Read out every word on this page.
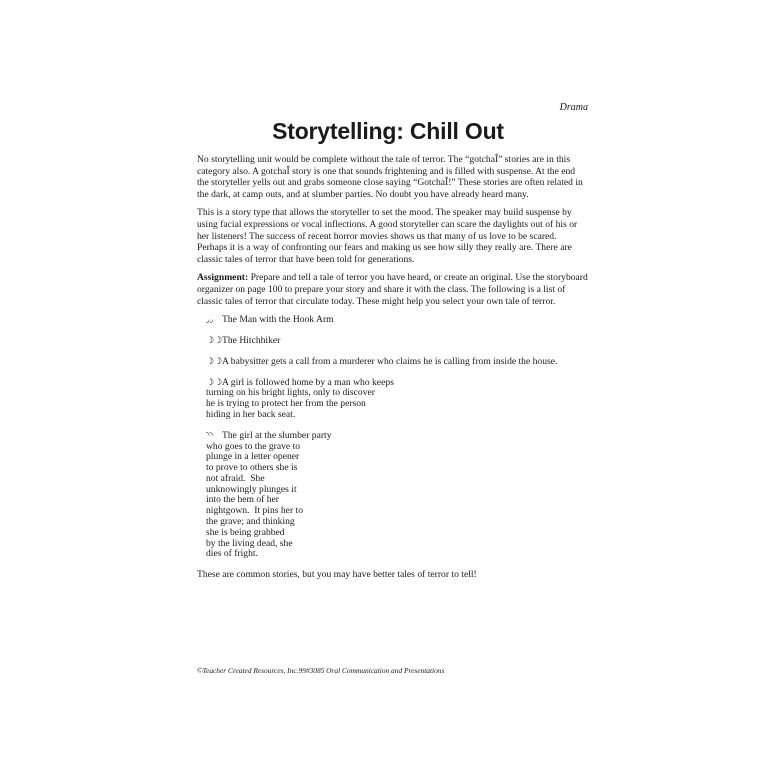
Drama
Storytelling: Chill Out

No storytelling unit would be complete without the tale of terror. The “gotchaÎ” stories are in this category also. A gotchaÎ story is one that sounds frightening and is filled with suspense. At the end the storyteller yells out and grabs someone close saying “GotchaÎ!” These stories are often related in the dark, at camp outs, and at slumber parties. No doubt you have already heard many.

This is a story type that allows the storyteller to set the mood. The speaker may build suspense by using facial expressions or vocal inflections. A good storyteller can scare the daylights out of his or her listeners! The success of recent horror movies shows us that many of us love to be scared. Perhaps it is a way of confronting our fears and making us see how silly they really are. There are classic tales of terror that have been told for generations.

Assignment: Prepare and tell a tale of terror you have heard, or create an original. Use the storyboard organizer on page 100 to prepare your story and share it with the class. The following is a list of classic tales of terror that circulate today. These might help you select your own tale of terror.

◞◞ The Man with the Hook Arm
☽☽The Hitchhiker
☽☽A babysitter gets a call from a murderer who claims he is calling from inside the house.
☽☽A girl is followed home by a man who keeps
turning on his bright lights, only to discover
he is trying to protect her from the person
hiding in her back seat.
◝◝ The girl at the slumber party
who goes to the grave to
plunge in a letter opener
to prove to others she is
not afraid.  She
unknowingly plunges it
into the hem of her
nightgown.  It pins her to
the grave; and thinking
she is being grabbed
by the living dead, she
dies of fright.

These are common stories, but you may have better tales of terror to tell!

©Teacher Created Resources, Inc.99#3085 Oral Communication and Presentations
